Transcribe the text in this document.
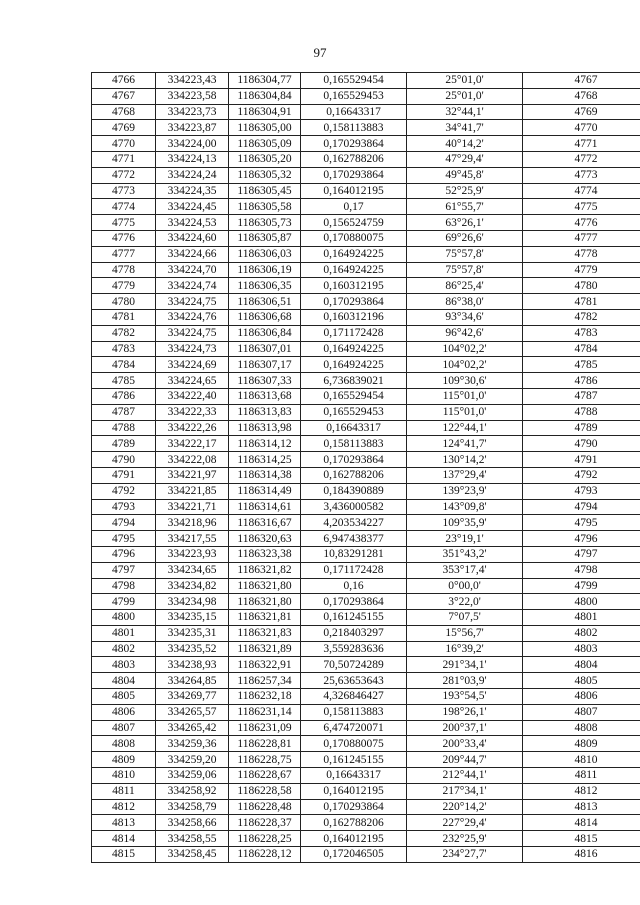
97
4766	334223,43	1186304,77	0,165529454	25°01,0'	4767
4767	334223,58	1186304,84	0,165529453	25°01,0'	4768
4768	334223,73	1186304,91	0,16643317	32°44,1'	4769
4769	334223,87	1186305,00	0,158113883	34°41,7'	4770
4770	334224,00	1186305,09	0,170293864	40°14,2'	4771
4771	334224,13	1186305,20	0,162788206	47°29,4'	4772
4772	334224,24	1186305,32	0,170293864	49°45,8'	4773
4773	334224,35	1186305,45	0,164012195	52°25,9'	4774
4774	334224,45	1186305,58	0,17	61°55,7'	4775
4775	334224,53	1186305,73	0,156524759	63°26,1'	4776
4776	334224,60	1186305,87	0,170880075	69°26,6'	4777
4777	334224,66	1186306,03	0,164924225	75°57,8'	4778
4778	334224,70	1186306,19	0,164924225	75°57,8'	4779
4779	334224,74	1186306,35	0,160312195	86°25,4'	4780
4780	334224,75	1186306,51	0,170293864	86°38,0'	4781
4781	334224,76	1186306,68	0,160312196	93°34,6'	4782
4782	334224,75	1186306,84	0,171172428	96°42,6'	4783
4783	334224,73	1186307,01	0,164924225	104°02,2'	4784
4784	334224,69	1186307,17	0,164924225	104°02,2'	4785
4785	334224,65	1186307,33	6,736839021	109°30,6'	4786
4786	334222,40	1186313,68	0,165529454	115°01,0'	4787
4787	334222,33	1186313,83	0,165529453	115°01,0'	4788
4788	334222,26	1186313,98	0,16643317	122°44,1'	4789
4789	334222,17	1186314,12	0,158113883	124°41,7'	4790
4790	334222,08	1186314,25	0,170293864	130°14,2'	4791
4791	334221,97	1186314,38	0,162788206	137°29,4'	4792
4792	334221,85	1186314,49	0,184390889	139°23,9'	4793
4793	334221,71	1186314,61	3,436000582	143°09,8'	4794
4794	334218,96	1186316,67	4,203534227	109°35,9'	4795
4795	334217,55	1186320,63	6,947438377	23°19,1'	4796
4796	334223,93	1186323,38	10,83291281	351°43,2'	4797
4797	334234,65	1186321,82	0,171172428	353°17,4'	4798
4798	334234,82	1186321,80	0,16	0°00,0'	4799
4799	334234,98	1186321,80	0,170293864	3°22,0'	4800
4800	334235,15	1186321,81	0,161245155	7°07,5'	4801
4801	334235,31	1186321,83	0,218403297	15°56,7'	4802
4802	334235,52	1186321,89	3,559283636	16°39,2'	4803
4803	334238,93	1186322,91	70,50724289	291°34,1'	4804
4804	334264,85	1186257,34	25,63653643	281°03,9'	4805
4805	334269,77	1186232,18	4,326846427	193°54,5'	4806
4806	334265,57	1186231,14	0,158113883	198°26,1'	4807
4807	334265,42	1186231,09	6,474720071	200°37,1'	4808
4808	334259,36	1186228,81	0,170880075	200°33,4'	4809
4809	334259,20	1186228,75	0,161245155	209°44,7'	4810
4810	334259,06	1186228,67	0,16643317	212°44,1'	4811
4811	334258,92	1186228,58	0,164012195	217°34,1'	4812
4812	334258,79	1186228,48	0,170293864	220°14,2'	4813
4813	334258,66	1186228,37	0,162788206	227°29,4'	4814
4814	334258,55	1186228,25	0,164012195	232°25,9'	4815
4815	334258,45	1186228,12	0,172046505	234°27,7'	4816
